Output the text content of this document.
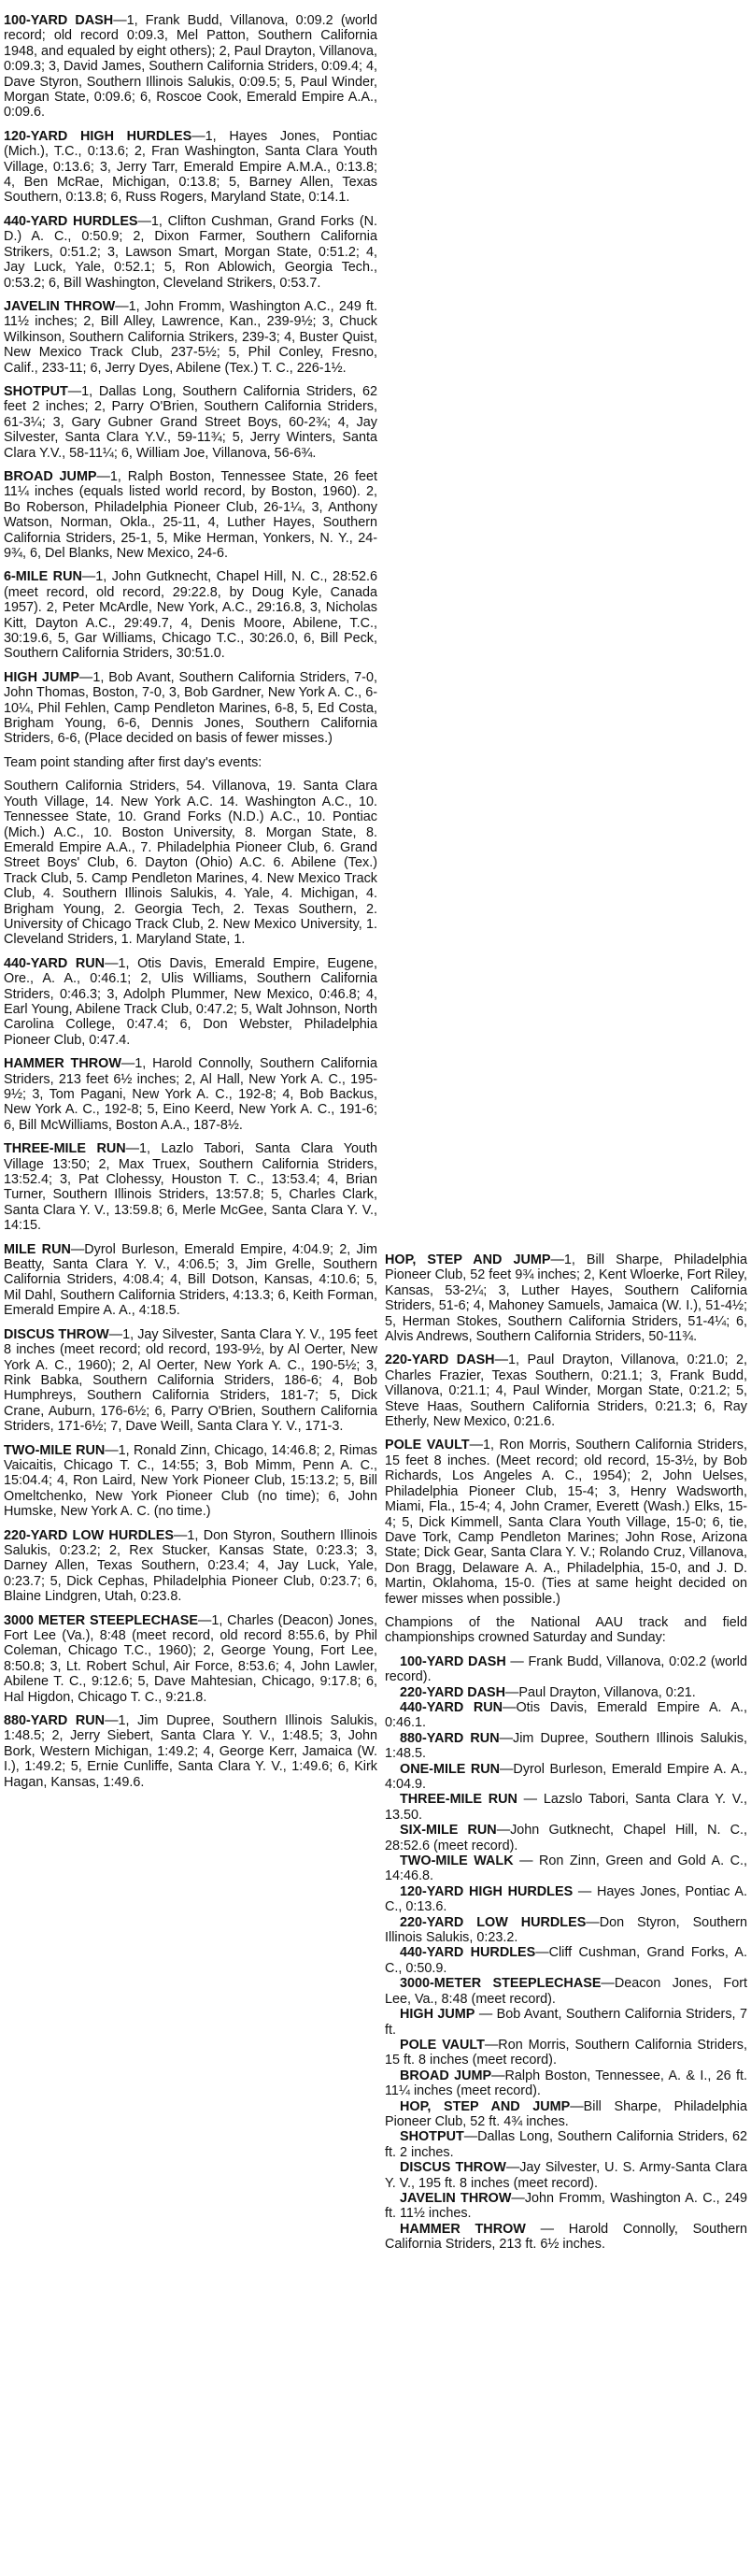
100-YARD DASH—1, Frank Budd, Villanova, 0:09.2 (world record; old record 0:09.3, Mel Patton, Southern California 1948, and equaled by eight others); 2, Paul Drayton, Villanova, 0:09.3; 3, David James, Southern California Striders, 0:09.4; 4, Dave Styron, Southern Illinois Salukis, 0:09.5; 5, Paul Winder, Morgan State, 0:09.6; 6, Roscoe Cook, Emerald Empire A.A., 0:09.6.

120-YARD HIGH HURDLES—1, Hayes Jones, Pontiac (Mich.), T.C., 0:13.6; 2, Fran Washington, Santa Clara Youth Village, 0:13.6; 3, Jerry Tarr, Emerald Empire A.M.A., 0:13.8; 4, Ben McRae, Michigan, 0:13.8; 5, Barney Allen, Texas Southern, 0:13.8; 6, Russ Rogers, Maryland State, 0:14.1.

440-YARD HURDLES—1, Clifton Cushman, Grand Forks (N. D.) A. C., 0:50.9; 2, Dixon Farmer, Southern California Strikers, 0:51.2; 3, Lawson Smart, Morgan State, 0:51.2; 4, Jay Luck, Yale, 0:52.1; 5, Ron Ablowich, Georgia Tech., 0:53.2; 6, Bill Washington, Cleveland Strikers, 0:53.7.

JAVELIN THROW—1, John Fromm, Washington A.C., 249 ft. 11½ inches; 2, Bill Alley, Lawrence, Kan., 239-9½; 3, Chuck Wilkinson, Southern California Strikers, 239-3; 4, Buster Quist, New Mexico Track Club, 237-5½; 5, Phil Conley, Fresno, Calif., 233-11; 6, Jerry Dyes, Abilene (Tex.) T. C., 226-1½.

SHOTPUT—1, Dallas Long, Southern California Striders, 62 feet 2 inches; 2, Parry O'Brien, Southern California Striders, 61-3¼; 3, Gary Gubner Grand Street Boys, 60-2¾; 4, Jay Silvester, Santa Clara Y.V., 59-11¾; 5, Jerry Winters, Santa Clara Y.V., 58-11¼; 6, William Joe, Villanova, 56-6¾.

BROAD JUMP—1, Ralph Boston, Tennessee State, 26 feet 11¼ inches (equals listed world record, by Boston, 1960). 2, Bo Roberson, Philadelphia Pioneer Club, 26-1¼, 3, Anthony Watson, Norman, Okla., 25-11, 4, Luther Hayes, Southern California Striders, 25-1, 5, Mike Herman, Yonkers, N. Y., 24-9¾, 6, Del Blanks, New Mexico, 24-6.

6-MILE RUN—1, John Gutknecht, Chapel Hill, N. C., 28:52.6 (meet record, old record, 29:22.8, by Doug Kyle, Canada 1957). 2, Peter McArdle, New York, A.C., 29:16.8, 3, Nicholas Kitt, Dayton A.C., 29:49.7, 4, Denis Moore, Abilene, T.C., 30:19.6, 5, Gar Williams, Chicago T.C., 30:26.0, 6, Bill Peck, Southern California Striders, 30:51.0.

HIGH JUMP—1, Bob Avant, Southern California Striders, 7-0, John Thomas, Boston, 7-0, 3, Bob Gardner, New York A. C., 6-10¼, Phil Fehlen, Camp Pendleton Marines, 6-8, 5, Ed Costa, Brigham Young, 6-6, Dennis Jones, Southern California Striders, 6-6, (Place decided on basis of fewer misses.)

Team point standing after first day's events:

Southern California Striders, 54. Villanova, 19. Santa Clara Youth Village, 14. New York A.C. 14. Washington A.C., 10. Tennessee State, 10. Grand Forks (N.D.) A.C., 10. Pontiac (Mich.) A.C., 10. Boston University, 8. Morgan State, 8. Emerald Empire A.A., 7. Philadelphia Pioneer Club, 6. Grand Street Boys' Club, 6. Dayton (Ohio) A.C. 6. Abilene (Tex.) Track Club, 5. Camp Pendleton Marines, 4. New Mexico Track Club, 4. Southern Illinois Salukis, 4. Yale, 4. Michigan, 4. Brigham Young, 2. Georgia Tech, 2. Texas Southern, 2. University of Chicago Track Club, 2. New Mexico University, 1. Cleveland Striders, 1. Maryland State, 1.

440-YARD RUN—1, Otis Davis, Emerald Empire, Eugene, Ore., A. A., 0:46.1; 2, Ulis Williams, Southern California Striders, 0:46.3; 3, Adolph Plummer, New Mexico, 0:46.8; 4, Earl Young, Abilene Track Club, 0:47.2; 5, Walt Johnson, North Carolina College, 0:47.4; 6, Don Webster, Philadelphia Pioneer Club, 0:47.4.

HAMMER THROW—1, Harold Connolly, Southern California Striders, 213 feet 6½ inches; 2, Al Hall, New York A. C., 195-9½; 3, Tom Pagani, New York A. C., 192-8; 4, Bob Backus, New York A. C., 192-8; 5, Eino Keerd, New York A. C., 191-6; 6, Bill McWilliams, Boston A.A., 187-8½.

THREE-MILE RUN—1, Lazlo Tabori, Santa Clara Youth Village 13:50; 2, Max Truex, Southern California Striders, 13:52.4; 3, Pat Clohessy, Houston T. C., 13:53.4; 4, Brian Turner, Southern Illinois Striders, 13:57.8; 5, Charles Clark, Santa Clara Y. V., 13:59.8; 6, Merle McGee, Santa Clara Y. V., 14:15.

MILE RUN—Dyrol Burleson, Emerald Empire, 4:04.9; 2, Jim Beatty, Santa Clara Y. V., 4:06.5; 3, Jim Grelle, Southern California Striders, 4:08.4; 4, Bill Dotson, Kansas, 4:10.6; 5, Mil Dahl, Southern California Striders, 4:13.3; 6, Keith Forman, Emerald Empire A. A., 4:18.5.

DISCUS THROW—1, Jay Silvester, Santa Clara Y. V., 195 feet 8 inches (meet record; old record, 193-9½, by Al Oerter, New York A. C., 1960); 2, Al Oerter, New York A. C., 190-5½; 3, Rink Babka, Southern California Striders, 186-6; 4, Bob Humphreys, Southern California Striders, 181-7; 5, Dick Crane, Auburn, 176-6½; 6, Parry O'Brien, Southern California Striders, 171-6½; 7, Dave Weill, Santa Clara Y. V., 171-3.

TWO-MILE RUN—1, Ronald Zinn, Chicago, 14:46.8; 2, Rimas Vaicaitis, Chicago T. C., 14:55; 3, Bob Mimm, Penn A. C., 15:04.4; 4, Ron Laird, New York Pioneer Club, 15:13.2; 5, Bill Omeltchenko, New York Pioneer Club (no time); 6, John Humske, New York A. C. (no time.)

220-YARD LOW HURDLES—1, Don Styron, Southern Illinois Salukis, 0:23.2; 2, Rex Stucker, Kansas State, 0:23.3; 3, Darney Allen, Texas Southern, 0:23.4; 4, Jay Luck, Yale, 0:23.7; 5, Dick Cephas, Philadelphia Pioneer Club, 0:23.7; 6, Blaine Lindgren, Utah, 0:23.8.

3000 METER STEEPLECHASE—1, Charles (Deacon) Jones, Fort Lee (Va.), 8:48 (meet record, old record 8:55.6, by Phil Coleman, Chicago T.C., 1960); 2, George Young, Fort Lee, 8:50.8; 3, Lt. Robert Schul, Air Force, 8:53.6; 4, John Lawler, Abilene T. C., 9:12.6; 5, Dave Mahtesian, Chicago, 9:17.8; 6, Hal Higdon, Chicago T. C., 9:21.8.

880-YARD RUN—1, Jim Dupree, Southern Illinois Salukis, 1:48.5; 2, Jerry Siebert, Santa Clara Y. V., 1:48.5; 3, John Bork, Western Michigan, 1:49.2; 4, George Kerr, Jamaica (W. I.), 1:49.2; 5, Ernie Cunliffe, Santa Clara Y. V., 1:49.6; 6, Kirk Hagan, Kansas, 1:49.6.

HOP, STEP AND JUMP—1, Bill Sharpe, Philadelphia Pioneer Club, 52 feet 9¾ inches; 2, Kent Wloerke, Fort Riley, Kansas, 53-2¼; 3, Luther Hayes, Southern California Striders, 51-6; 4, Mahoney Samuels, Jamaica (W. I.), 51-4½; 5, Herman Stokes, Southern California Striders, 51-4¼; 6, Alvis Andrews, Southern California Striders, 50-11¾.

220-YARD DASH—1, Paul Drayton, Villanova, 0:21.0; 2, Charles Frazier, Texas Southern, 0:21.1; 3, Frank Budd, Villanova, 0:21.1; 4, Paul Winder, Morgan State, 0:21.2; 5, Steve Haas, Southern California Striders, 0:21.3; 6, Ray Etherly, New Mexico, 0:21.6.

POLE VAULT—1, Ron Morris, Southern California Striders, 15 feet 8 inches. (Meet record; old record, 15-3½, by Bob Richards, Los Angeles A. C., 1954); 2, John Uelses, Philadelphia Pioneer Club, 15-4; 3, Henry Wadsworth, Miami, Fla., 15-4; 4, John Cramer, Everett (Wash.) Elks, 15-4; 5, Dick Kimmell, Santa Clara Youth Village, 15-0; 6, tie, Dave Tork, Camp Pendleton Marines; John Rose, Arizona State; Dick Gear, Santa Clara Y. V.; Rolando Cruz, Villanova, Don Bragg, Delaware A. A., Philadelphia, 15-0, and J. D. Martin, Oklahoma, 15-0. (Ties at same height decided on fewer misses when possible.)

Champions of the National AAU track and field championships crowned Saturday and Sunday:

100-YARD DASH — Frank Budd, Villanova, 0:02.2 (world record).

220-YARD DASH—Paul Drayton, Villanova, 0:21.

440-YARD RUN—Otis Davis, Emerald Empire A. A., 0:46.1.

880-YARD RUN—Jim Dupree, Southern Illinois Salukis, 1:48.5.

ONE-MILE RUN—Dyrol Burleson, Emerald Empire A. A., 4:04.9.

THREE-MILE RUN — Lazslo Tabori, Santa Clara Y. V., 13.50.

SIX-MILE RUN—John Gutknecht, Chapel Hill, N. C., 28:52.6 (meet record).

TWO-MILE WALK — Ron Zinn, Green and Gold A. C., 14:46.8.

120-YARD HIGH HURDLES — Hayes Jones, Pontiac A. C., 0:13.6.

220-YARD LOW HURDLES—Don Styron, Southern Illinois Salukis, 0:23.2.

440-YARD HURDLES—Cliff Cushman, Grand Forks, A. C., 0:50.9.

3000-METER STEEPLECHASE—Deacon Jones, Fort Lee, Va., 8:48 (meet record).

HIGH JUMP — Bob Avant, Southern California Striders, 7 ft.

POLE VAULT—Ron Morris, Southern California Striders, 15 ft. 8 inches (meet record).

BROAD JUMP—Ralph Boston, Tennessee, A. & I., 26 ft. 11¼ inches (meet record).

HOP, STEP AND JUMP—Bill Sharpe, Philadelphia Pioneer Club, 52 ft. 4¾ inches.

SHOTPUT—Dallas Long, Southern California Striders, 62 ft. 2 inches.

DISCUS THROW—Jay Silvester, U. S. Army-Santa Clara Y. V., 195 ft. 8 inches (meet record).

JAVELIN THROW—John Fromm, Washington A. C., 249 ft. 11½ inches.

HAMMER THROW — Harold Connolly, Southern California Striders, 213 ft. 6½ inches.
